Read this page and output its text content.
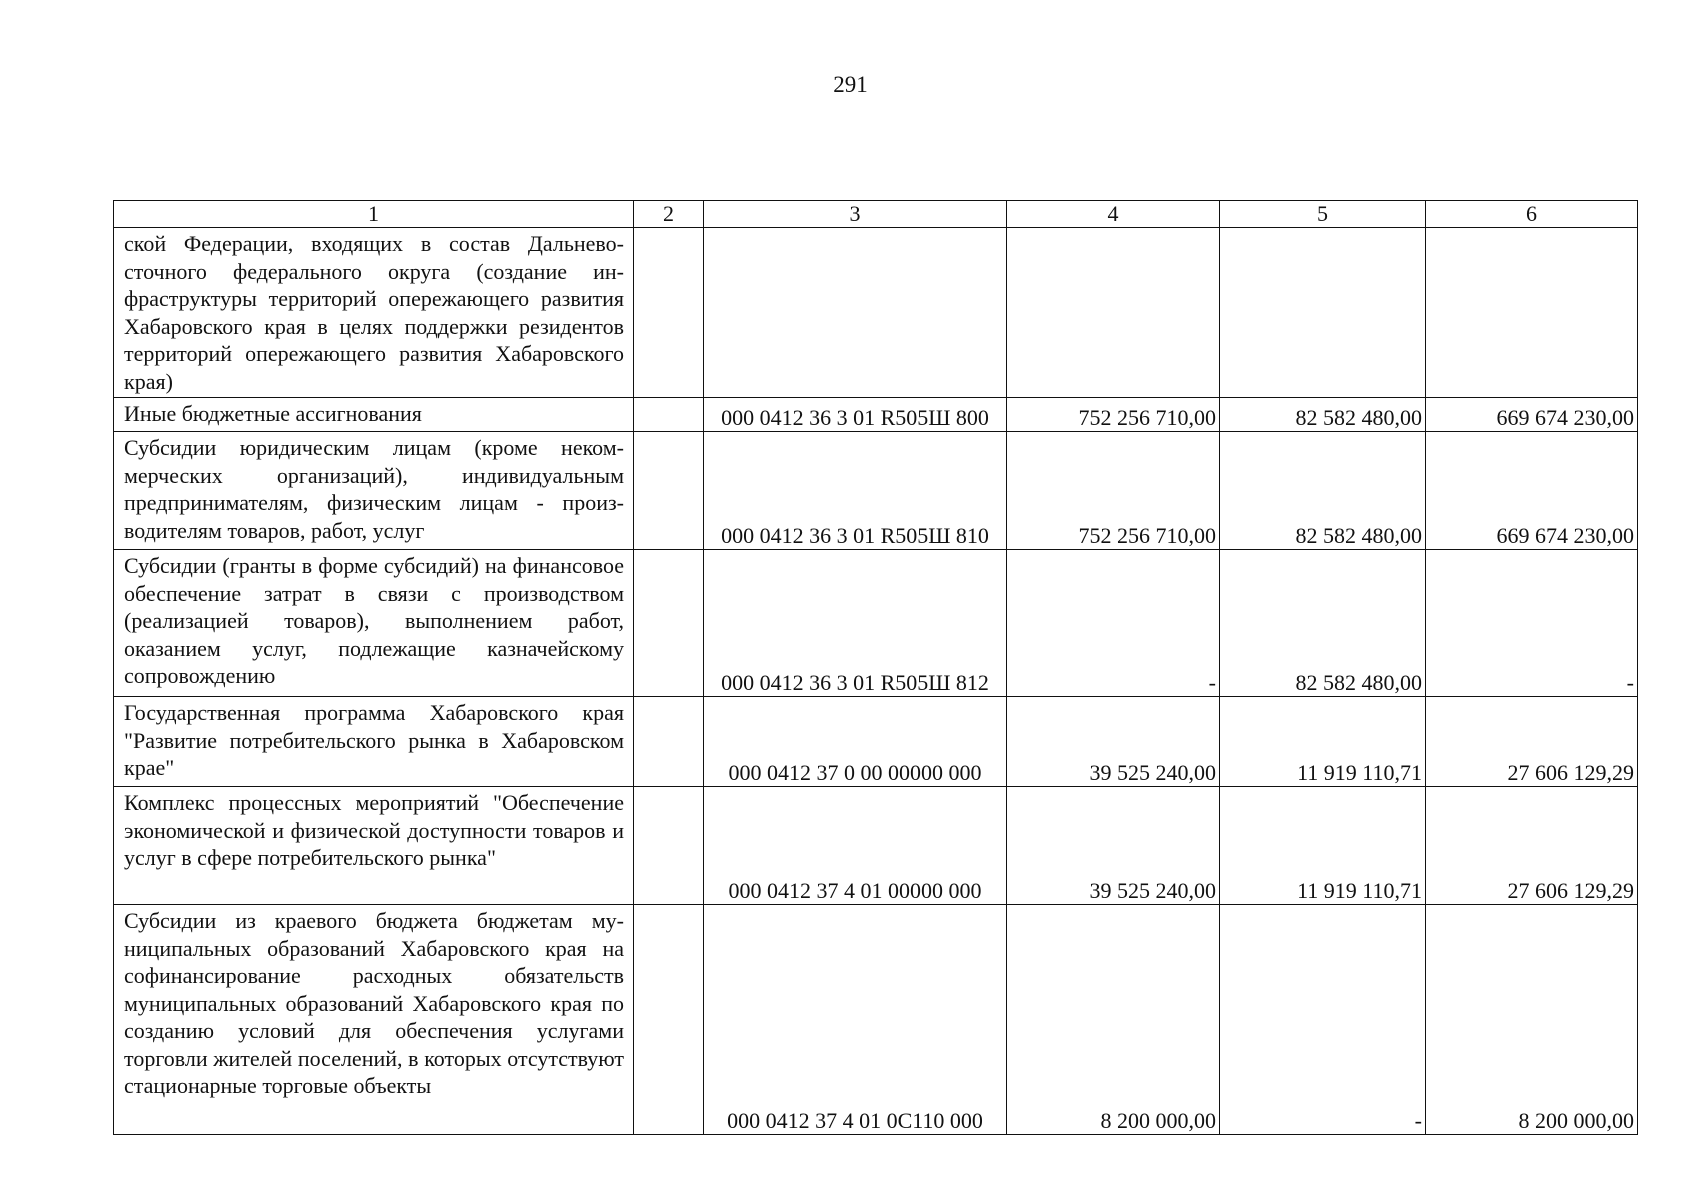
291
1	2	3	4	5	6
ской Федерации, входящих в состав Дальневосточного федерального округа (создание инфраструктуры территорий опережающего развития Хабаровского края в целях поддержки резидентов территорий опережающего развития Хабаровского края)					
Иные бюджетные ассигнования		000 0412 36 3 01 R505Ш 800	752 256 710,00	82 582 480,00	669 674 230,00
Субсидии юридическим лицам (кроме некоммерческих организаций), индивидуальным предпринимателям, физическим лицам - производителям товаров, работ, услуг		000 0412 36 3 01 R505Ш 810	752 256 710,00	82 582 480,00	669 674 230,00
Субсидии (гранты в форме субсидий) на финансовое обеспечение затрат в связи с производством (реализацией товаров), выполнением работ, оказанием услуг, подлежащие казначейскому сопровождению		000 0412 36 3 01 R505Ш 812	-	82 582 480,00	-
Государственная программа Хабаровского края "Развитие потребительского рынка в Хабаровском крае"		000 0412 37 0 00 00000 000	39 525 240,00	11 919 110,71	27 606 129,29
Комплекс процессных мероприятий "Обеспечение экономической и физической доступности товаров и услуг в сфере потребительского рынка"		000 0412 37 4 01 00000 000	39 525 240,00	11 919 110,71	27 606 129,29
Субсидии из краевого бюджета бюджетам муниципальных образований Хабаровского края на софинансирование расходных обязательств муниципальных образований Хабаровского края по созданию условий для обеспечения услугами торговли жителей поселений, в которых отсутствуют стационарные торговые объекты		000 0412 37 4 01 0С110 000	8 200 000,00	-	8 200 000,00
